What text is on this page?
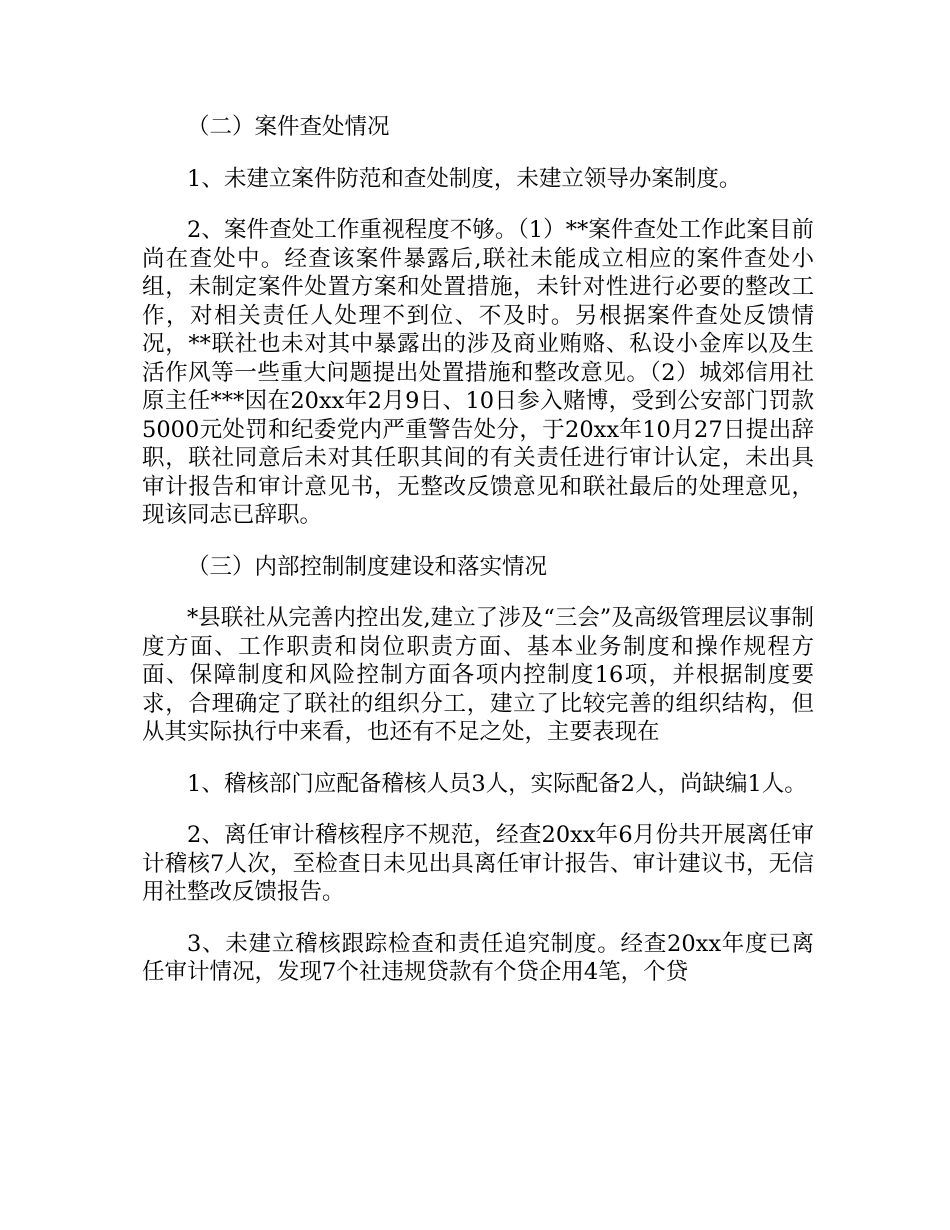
（二）案件查处情况

1、未建立案件防范和查处制度，未建立领导办案制度。

2、案件查处工作重视程度不够。（1）**案件查处工作此案目前尚在查处中。经查该案件暴露后,联社未能成立相应的案件查处小组，未制定案件处置方案和处置措施，未针对性进行必要的整改工作，对相关责任人处理不到位、不及时。另根据案件查处反馈情况，**联社也未对其中暴露出的涉及商业贿赂、私设小金库以及生活作风等一些重大问题提出处置措施和整改意见。（2）城郊信用社原主任***因在20xx年2月9日、10日参入赌博，受到公安部门罚款5000元处罚和纪委党内严重警告处分，于20xx年10月27日提出辞职，联社同意后未对其任职其间的有关责任进行审计认定，未出具审计报告和审计意见书，无整改反馈意见和联社最后的处理意见，现该同志已辞职。

（三）内部控制制度建设和落实情况

*县联社从完善内控出发,建立了涉及“三会”及高级管理层议事制度方面、工作职责和岗位职责方面、基本业务制度和操作规程方面、保障制度和风险控制方面各项内控制度16项，并根据制度要求，合理确定了联社的组织分工，建立了比较完善的组织结构，但从其实际执行中来看，也还有不足之处，主要表现在

1、稽核部门应配备稽核人员3人，实际配备2人，尚缺编1人。

2、离任审计稽核程序不规范，经查20xx年6月份共开展离任审计稽核7人次，至检查日未见出具离任审计报告、审计建议书，无信用社整改反馈报告。

3、未建立稽核跟踪检查和责任追究制度。经查20xx年度已离任审计情况，发现7个社违规贷款有个贷企用4笔，个贷
